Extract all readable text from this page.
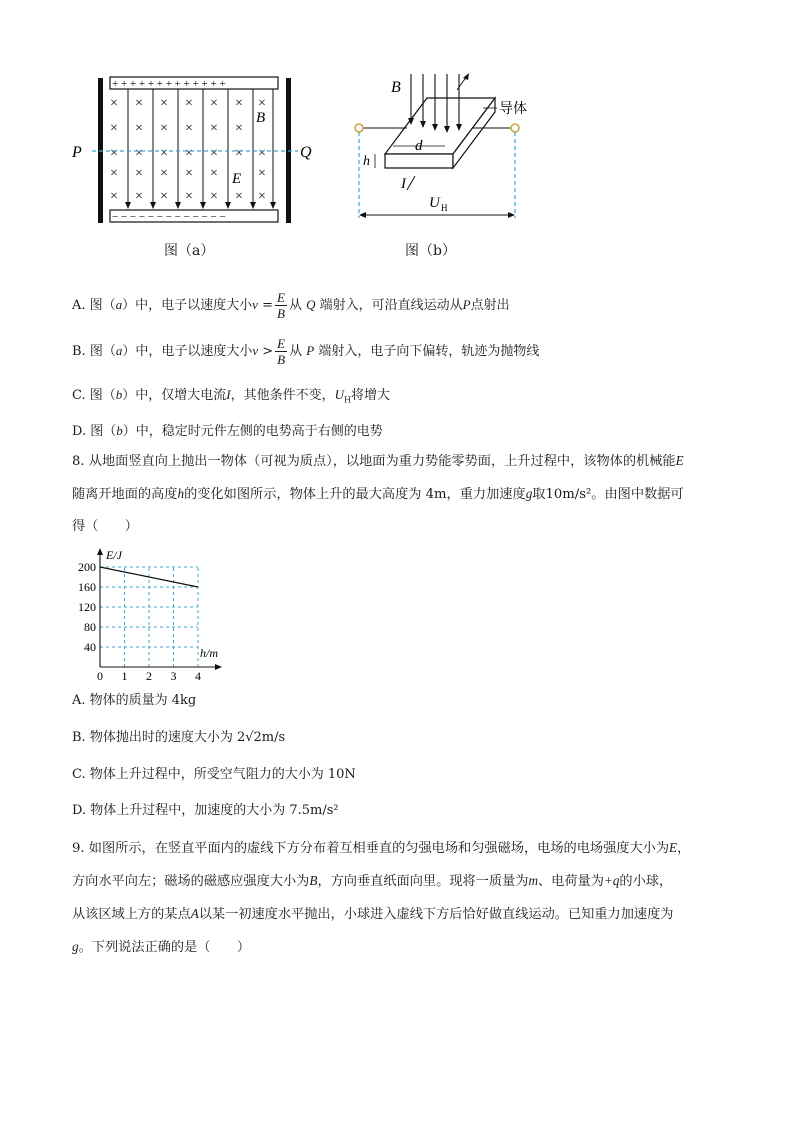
+ + + + + + + + + + + + +
− − − − − − − − − − − − −
× × × × × × ×
× × × × × ×
× × × × × × ×
× × × × ×	×
× × × × × × ×
P	Q
B
E
图（a）
d
h
U H
B
I
导体
图（b）
A. 图（a）中，电子以速度大小$v = \frac{E}{B}$ 从 Q 端射入，可沿直线运动从P点射出
B. 图（a）中，电子以速度大小$v > \frac{E}{B}$ 从 P 端射入，电子向下偏转，轨迹为抛物线
C. 图（b）中，仅增大电流I，其他条件不变，$U_H$将增大
D. 图（b）中，稳定时元件左侧的电势高于右侧的电势
8. 从地面竖直向上抛出一物体（可视为质点），以地面为重力势能零势面，上升过程中，该物体的机械能E
随离开地面的高度h的变化如图所示，物体上升的最大高度为 4m，重力加速度g取10m/s²。由图中数据可
得（　　）
0 1 2 3 4
40
80
120
160
200
E/J
h/m
A. 物体的质量为 4kg
B. 物体抛出时的速度大小为 2√2m/s
C. 物体上升过程中，所受空气阻力的大小为 10N
D. 物体上升过程中，加速度的大小为 7.5m/s²
9. 如图所示，在竖直平面内的虚线下方分布着互相垂直的匀强电场和匀强磁场，电场的电场强度大小为E，
方向水平向左；磁场的磁感应强度大小为B，方向垂直纸面向里。现将一质量为m、电荷量为+q的小球，
从该区域上方的某点A以某一初速度水平抛出，小球进入虚线下方后恰好做直线运动。已知重力加速度为
g。下列说法正确的是（　　）
